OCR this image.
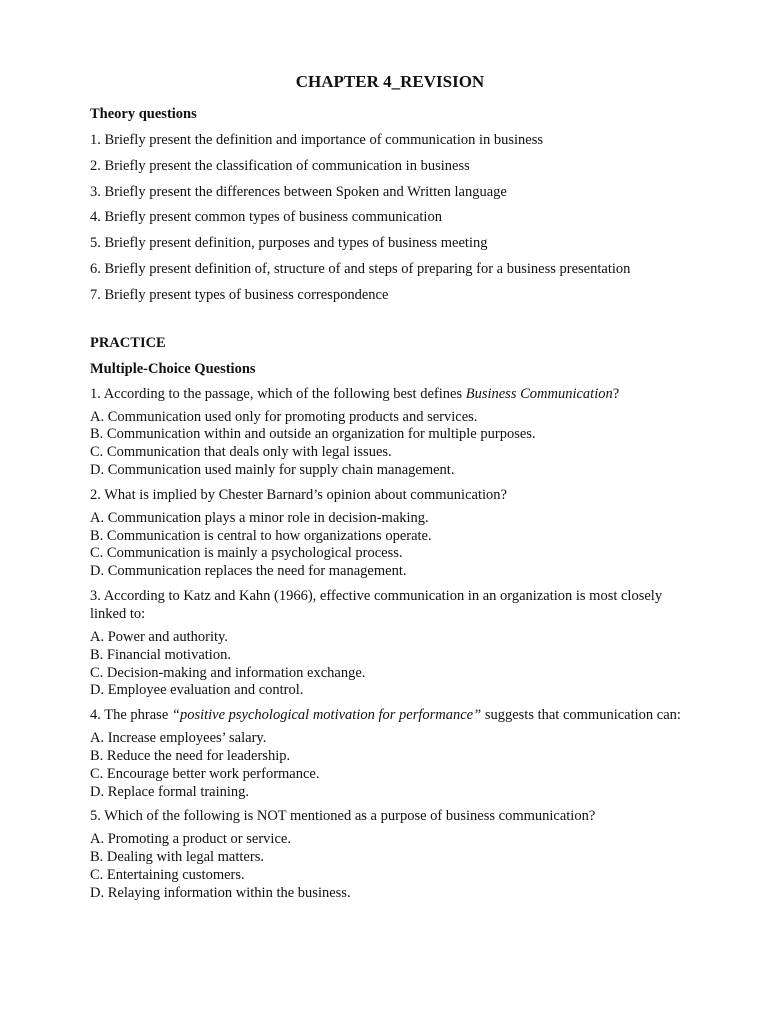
CHAPTER 4_REVISION
Theory questions

1. Briefly present the definition and importance of communication in business

2. Briefly present the classification of communication in business

3. Briefly present the differences between Spoken and Written language

4. Briefly present common types of business communication

5. Briefly present definition, purposes and types of business meeting

6. Briefly present definition of, structure of and steps of preparing for a business presentation

7. Briefly present types of business correspondence

PRACTICE
Multiple-Choice Questions
1. According to the passage, which of the following best defines Business Communication?
A. Communication used only for promoting products and services.
B. Communication within and outside an organization for multiple purposes.
C. Communication that deals only with legal issues.
D. Communication used mainly for supply chain management.
2. What is implied by Chester Barnard’s opinion about communication?
A. Communication plays a minor role in decision-making.
B. Communication is central to how organizations operate.
C. Communication is mainly a psychological process.
D. Communication replaces the need for management.
3. According to Katz and Kahn (1966), effective communication in an organization is most closely linked to:
A. Power and authority.
B. Financial motivation.
C. Decision-making and information exchange.
D. Employee evaluation and control.
4. The phrase “positive psychological motivation for performance” suggests that communication can:
A. Increase employees’ salary.
B. Reduce the need for leadership.
C. Encourage better work performance.
D. Replace formal training.
5. Which of the following is NOT mentioned as a purpose of business communication?
A. Promoting a product or service.
B. Dealing with legal matters.
C. Entertaining customers.
D. Relaying information within the business.
